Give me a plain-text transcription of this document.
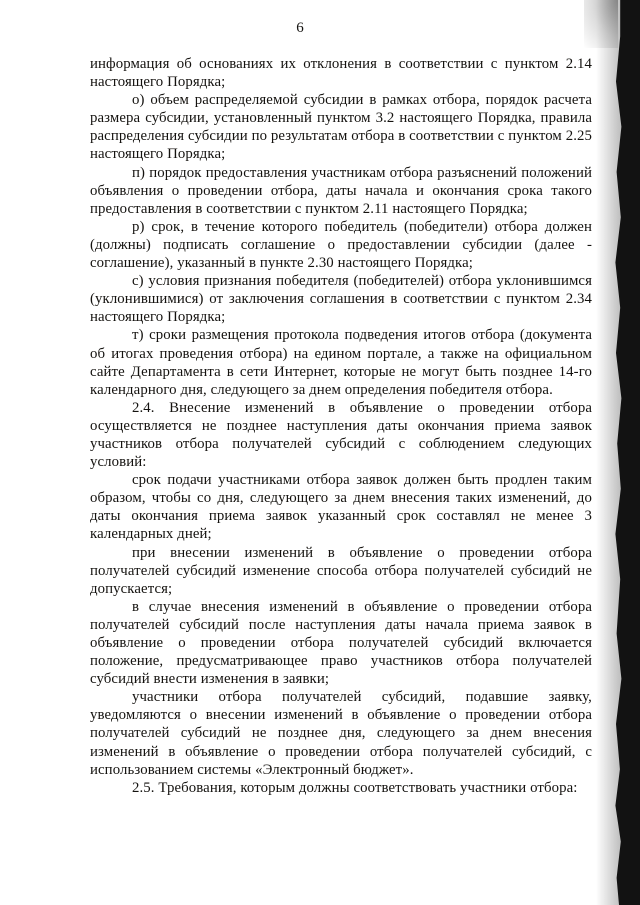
6

информация об основаниях их отклонения в соответствии с пунктом 2.14 настоящего Порядка;

о) объем распределяемой субсидии в рамках отбора, порядок расчета размера субсидии, установленный пунктом 3.2 настоящего Порядка, правила распределения субсидии по результатам отбора в соответствии с пунктом 2.25 настоящего Порядка;

п) порядок предоставления участникам отбора разъяснений положений объявления о проведении отбора, даты начала и окончания срока такого предоставления в соответствии с пунктом 2.11 настоящего Порядка;

р) срок, в течение которого победитель (победители) отбора должен (должны) подписать соглашение о предоставлении субсидии (далее - соглашение), указанный в пункте 2.30 настоящего Порядка;

с) условия признания победителя (победителей) отбора уклонившимся (уклонившимися) от заключения соглашения в соответствии с пунктом 2.34 настоящего Порядка;

т) сроки размещения протокола подведения итогов отбора (документа об итогах проведения отбора) на едином портале, а также на официальном сайте Департамента в сети Интернет, которые не могут быть позднее 14-го календарного дня, следующего за днем определения победителя отбора.

2.4. Внесение изменений в объявление о проведении отбора осуществляется не позднее наступления даты окончания приема заявок участников отбора получателей субсидий с соблюдением следующих условий:

срок подачи участниками отбора заявок должен быть продлен таким образом, чтобы со дня, следующего за днем внесения таких изменений, до даты окончания приема заявок указанный срок составлял не менее 3 календарных дней;

при внесении изменений в объявление о проведении отбора получателей субсидий изменение способа отбора получателей субсидий не допускается;

в случае внесения изменений в объявление о проведении отбора получателей субсидий после наступления даты начала приема заявок в объявление о проведении отбора получателей субсидий включается положение, предусматривающее право участников отбора получателей субсидий внести изменения в заявки;

участники отбора получателей субсидий, подавшие заявку, уведомляются о внесении изменений в объявление о проведении отбора получателей субсидий не позднее дня, следующего за днем внесения изменений в объявление о проведении отбора получателей субсидий, с использованием системы «Электронный бюджет».

2.5. Требования, которым должны соответствовать участники отбора:
